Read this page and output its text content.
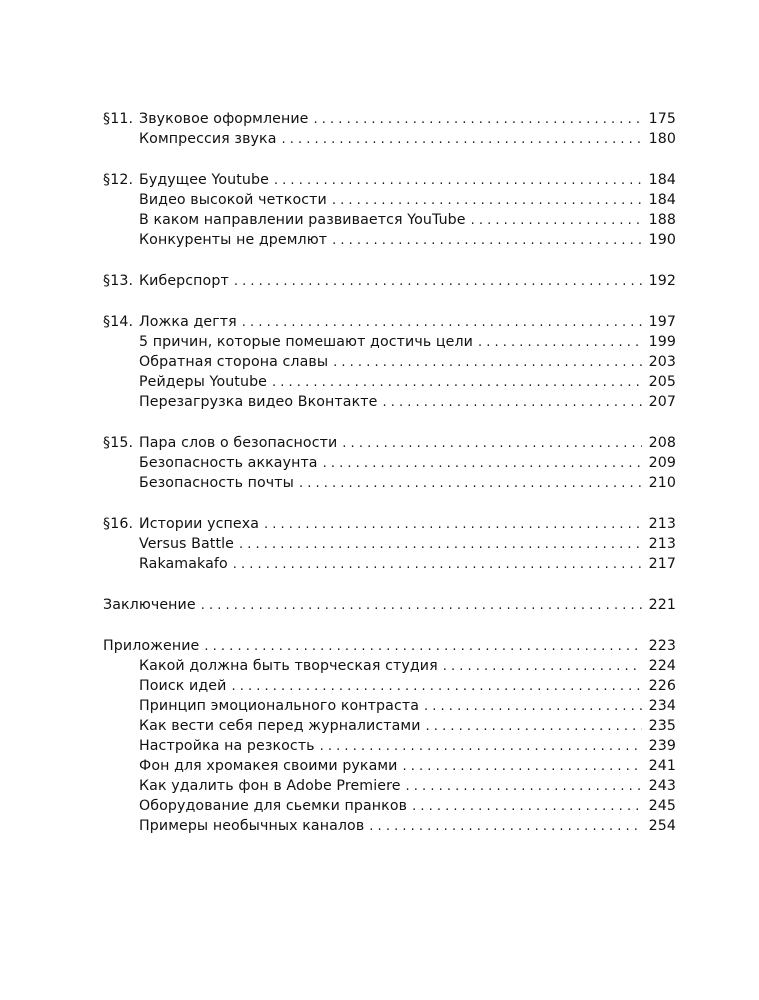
§11. Звуковое оформление . . .	175
Компрессия звука . . .	180
§12. Будущее Youtube . . .	184
Видео высокой четкости . . .	184
В каком направлении развивается YouTube . . .	188
Конкуренты не дремлют . . .	190
§13. Киберспорт . . .	192
§14. Ложка дегтя . . .	197
5 причин, которые помешают достичь цели . . .	199
Обратная сторона славы . . .	203
Рейдеры Youtube . . .	205
Перезагрузка видео Вконтакте . . .	207
§15. Пара слов о безопасности . . .	208
Безопасность аккаунта . . .	209
Безопасность почты . . .	210
§16. Истории успеха . . .	213
Versus Battle . . .	213
Rakamakafo . . .	217
Заключение . . .	221
Приложение . . .	223
Какой должна быть творческая студия . . .	224
Поиск идей . . .	226
Принцип эмоционального контраста . . .	234
Как вести себя перед журналистами . . .	235
Настройка на резкость . . .	239
Фон для хромакея своими руками . . .	241
Как удалить фон в Adobe Premiere . . .	243
Оборудование для сьемки пранков . . .	245
Примеры необычных каналов . . .	254
